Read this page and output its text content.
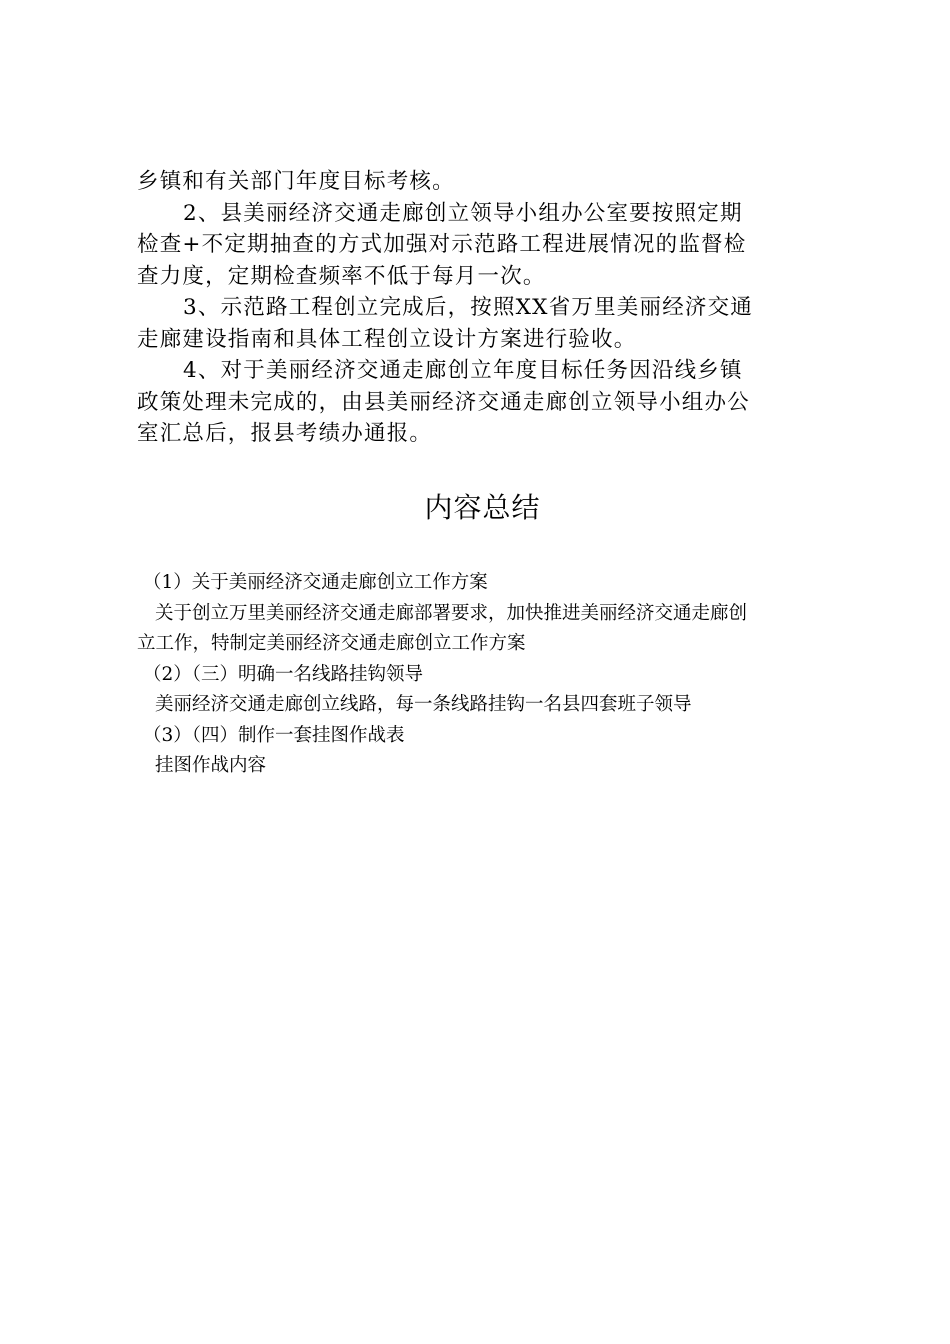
乡镇和有关部门年度目标考核。
2、县美丽经济交通走廊创立领导小组办公室要按照定期
检查+不定期抽查的方式加强对示范路工程进展情况的监督检
查力度，定期检查频率不低于每月一次。
3、示范路工程创立完成后，按照XX省万里美丽经济交通
走廊建设指南和具体工程创立设计方案进行验收。
4、对于美丽经济交通走廊创立年度目标任务因沿线乡镇
政策处理未完成的，由县美丽经济交通走廊创立领导小组办公
室汇总后，报县考绩办通报。
内容总结
（1）关于美丽经济交通走廊创立工作方案
关于创立万里美丽经济交通走廊部署要求，加快推进美丽经济交通走廊创
立工作，特制定美丽经济交通走廊创立工作方案
（2）（三）明确一名线路挂钩领导
美丽经济交通走廊创立线路，每一条线路挂钩一名县四套班子领导
（3）（四）制作一套挂图作战表
挂图作战内容
